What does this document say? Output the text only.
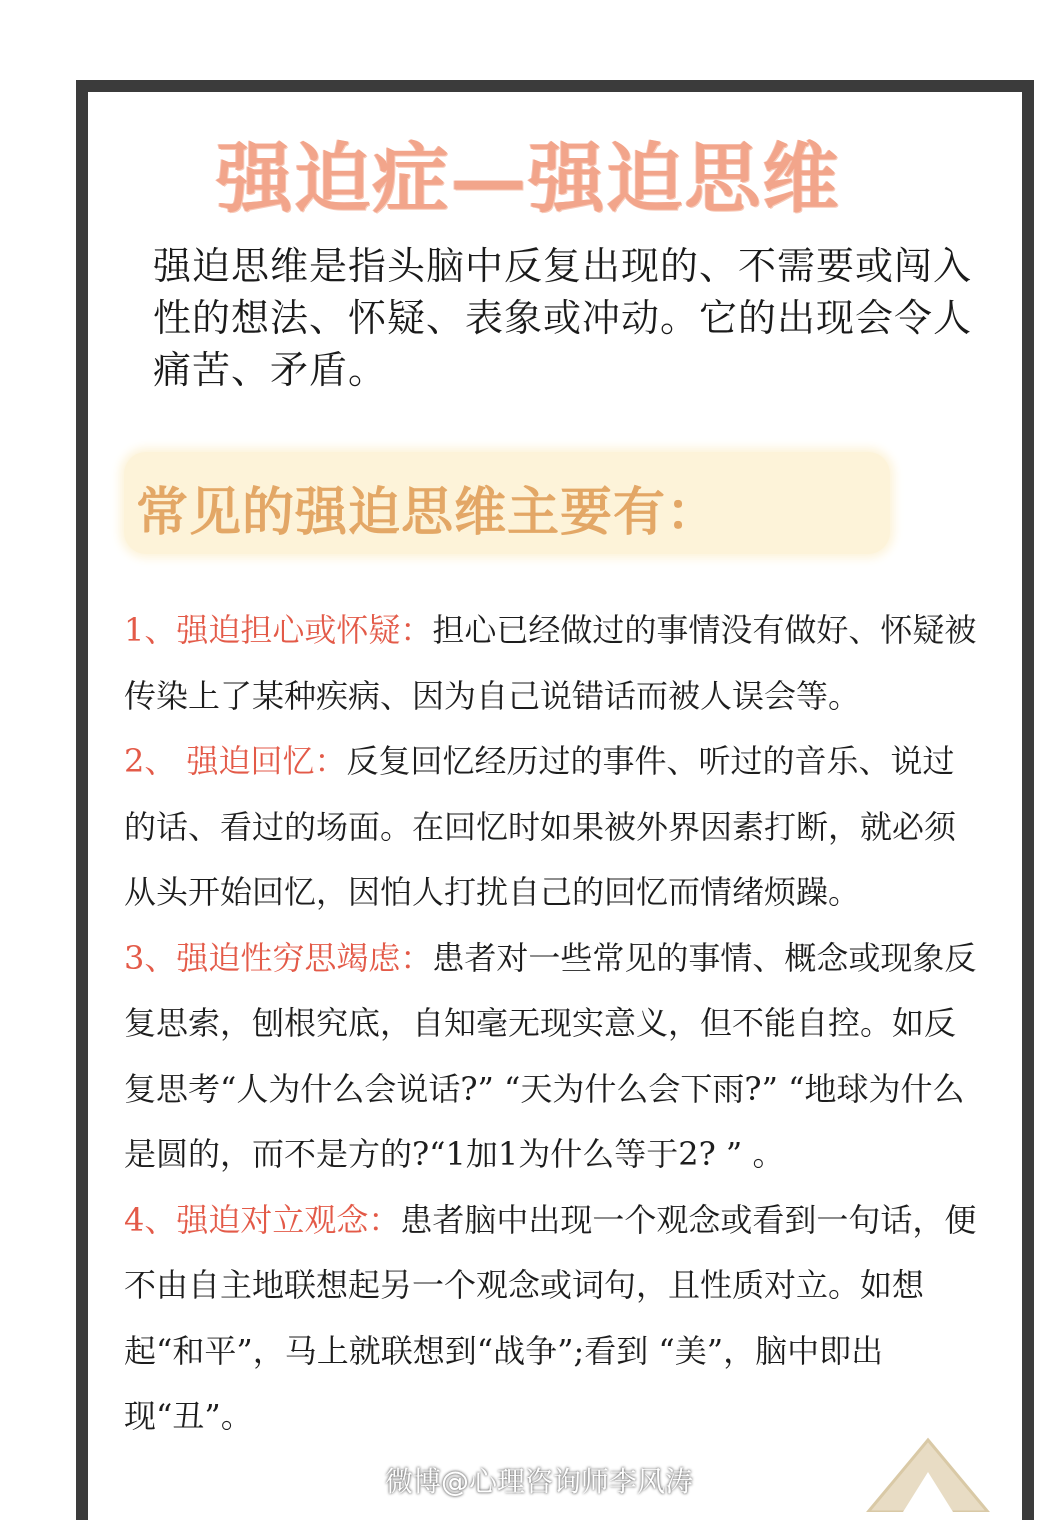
强迫症—强迫思维
强迫思维是指头脑中反复出现的、不需要或闯入性的想法、怀疑、表象或冲动。它的出现会令人痛苦、矛盾。
常见的强迫思维主要有：

1、强迫担心或怀疑：担心已经做过的事情没有做好、怀疑被传染上了某种疾病、因为自己说错话而被人误会等。

2、 强迫回忆：反复回忆经历过的事件、听过的音乐、说过的话、看过的场面。在回忆时如果被外界因素打断，就必须从头开始回忆，因怕人打扰自己的回忆而情绪烦躁。

3、强迫性穷思竭虑：患者对一些常见的事情、概念或现象反复思索，刨根究底，自知毫无现实意义，但不能自控。如反复思考“人为什么会说话?” “天为什么会下雨?” “地球为什么是圆的，而不是方的?“1加1为什么等于2? ” 。

4、强迫对立观念：患者脑中出现一个观念或看到一句话，便不由自主地联想起另一个观念或词句，且性质对立。如想起“和平”，马上就联想到“战争”;看到 “美”，脑中即出现“丑”。

微博@心理咨询师李风涛
